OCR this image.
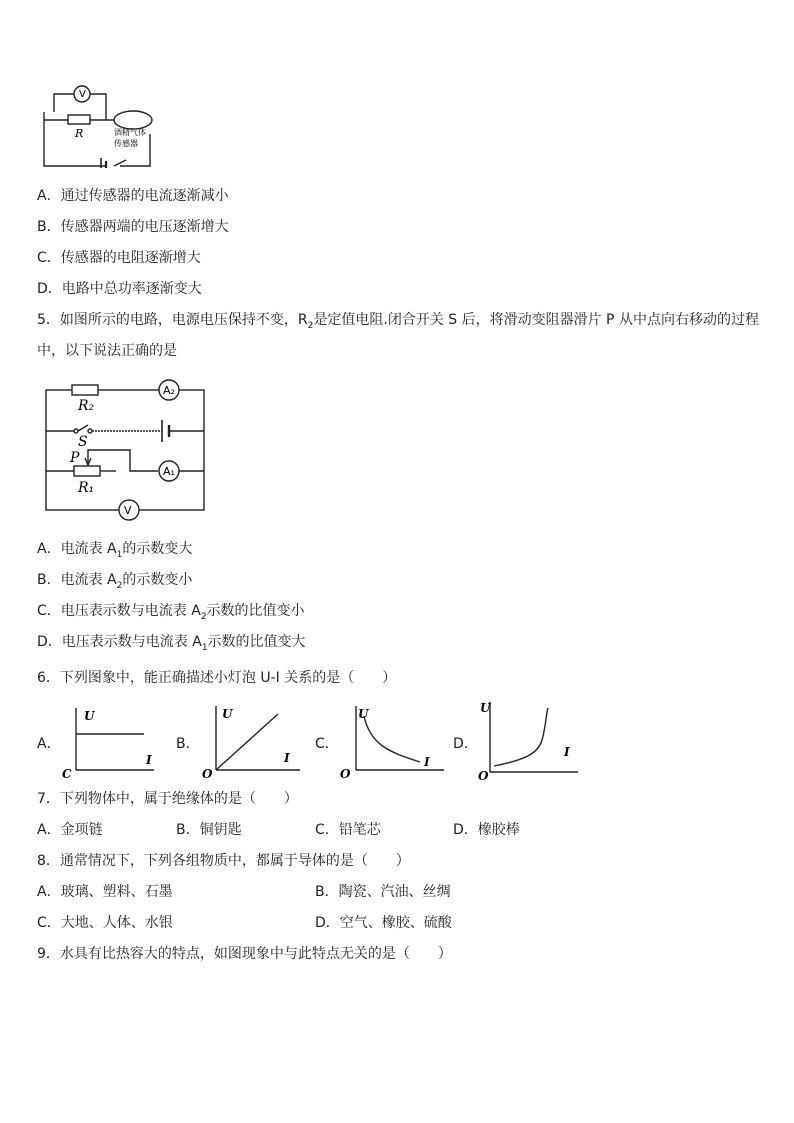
V
R	酒精气体
传感器
A．通过传感器的电流逐渐减小
B．传感器两端的电压逐渐增大
C．传感器的电阻逐渐增大
D．电路中总功率逐渐变大
5．如图所示的电路，电源电压保持不变，$R_2$是定值电阻.闭合开关 S 后，将滑动变阻器滑片 P 从中点向右移动的过程
中，以下说法正确的是
A₂
R₂
S
P
R₁
A₁
V
A．电流表 $A_1$的示数变大
B．电流表 $A_2$的示数变小
C．电压表示数与电流表 $A_2$示数的比值变小
D．电压表示数与电流表 $A_1$示数的比值变大
6．下列图象中，能正确描述小灯泡 U-I 关系的是（　　）
A．
U
I
C
B．
U
I
O
C．
U
I
O
D．
U
I
O
7．下列物体中，属于绝缘体的是（　　）
A．金项链	B．铜钥匙	C．铅笔芯	D．橡胶棒
8．通常情况下，下列各组物质中，都属于导体的是（　　）
A．玻璃、塑料、石墨	B．陶瓷、汽油、丝绸
C．大地、人体、水银	D．空气、橡胶、硫酸
9．水具有比热容大的特点，如图现象中与此特点无关的是（　　）
